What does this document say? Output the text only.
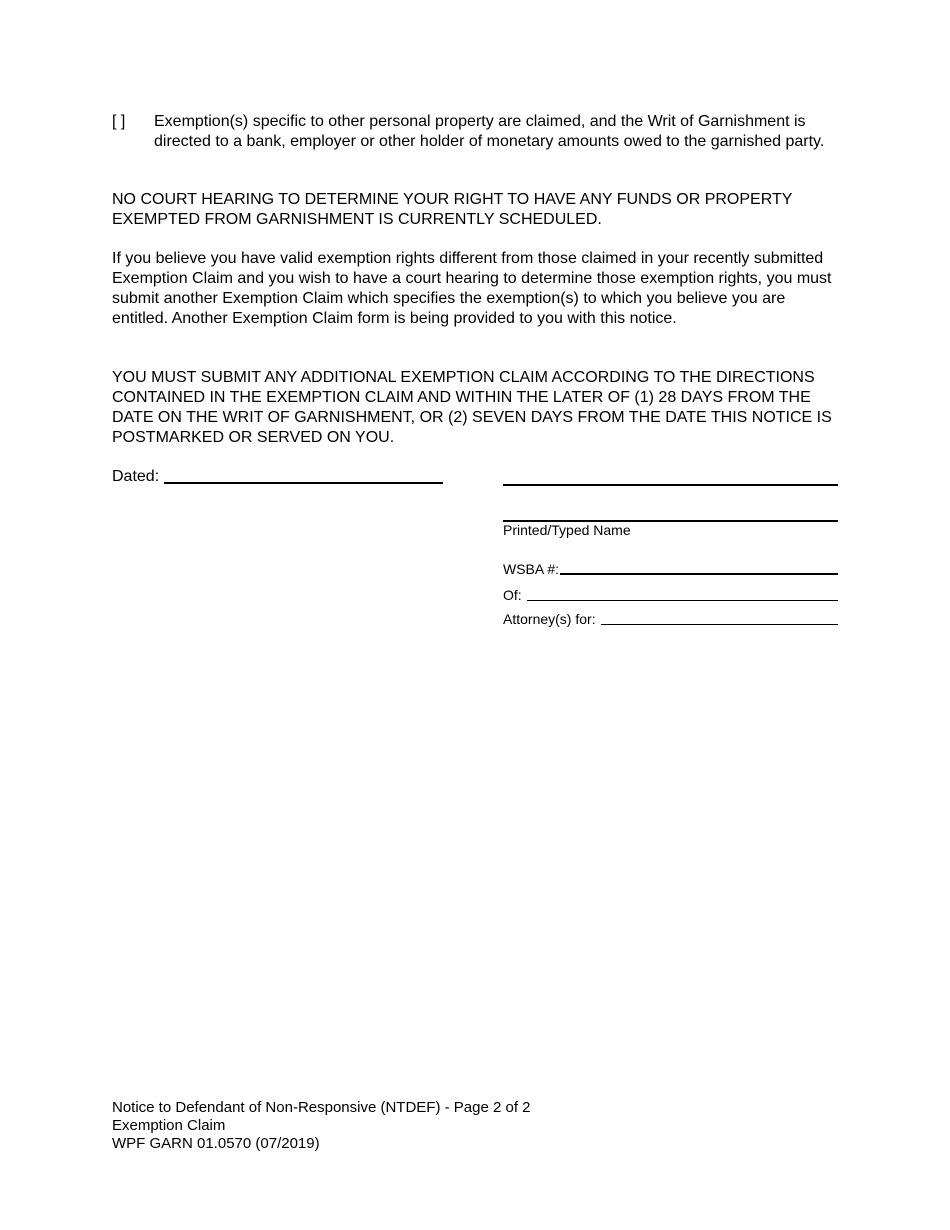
[ ] Exemption(s) specific to other personal property are claimed, and the Writ of Garnishment is directed to a bank, employer or other holder of monetary amounts owed to the garnished party.

NO COURT HEARING TO DETERMINE YOUR RIGHT TO HAVE ANY FUNDS OR PROPERTY EXEMPTED FROM GARNISHMENT IS CURRENTLY SCHEDULED.

If you believe you have valid exemption rights different from those claimed in your recently submitted Exemption Claim and you wish to have a court hearing to determine those exemption rights, you must submit another Exemption Claim which specifies the exemption(s) to which you believe you are entitled. Another Exemption Claim form is being provided to you with this notice.

YOU MUST SUBMIT ANY ADDITIONAL EXEMPTION CLAIM ACCORDING TO THE DIRECTIONS CONTAINED IN THE EXEMPTION CLAIM AND WITHIN THE LATER OF (1) 28 DAYS FROM THE DATE ON THE WRIT OF GARNISHMENT, OR (2) SEVEN DAYS FROM THE DATE THIS NOTICE IS POSTMARKED OR SERVED ON YOU.

Dated:
Printed/Typed Name
WSBA #:
Of:
Attorney(s) for:
Notice to Defendant of Non-Responsive (NTDEF) - Page 2 of 2
Exemption Claim
WPF GARN 01.0570 (07/2019)
